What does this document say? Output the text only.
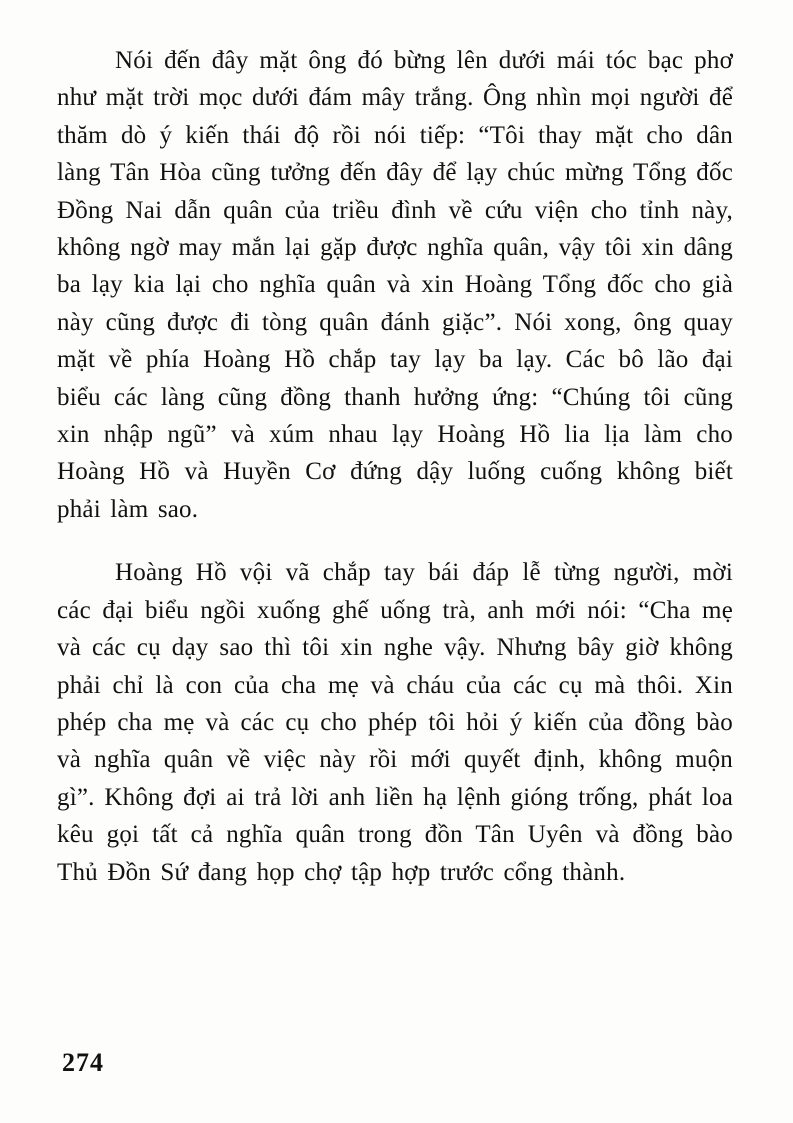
Nói đến đây mặt ông đó bừng lên dưới mái tóc bạc phơ như mặt trời mọc dưới đám mây trắng. Ông nhìn mọi người để thăm dò ý kiến thái độ rồi nói tiếp: “Tôi thay mặt cho dân làng Tân Hòa cũng tưởng đến đây để lạy chúc mừng Tổng đốc Đồng Nai dẫn quân của triều đình về cứu viện cho tỉnh này, không ngờ may mắn lại gặp được nghĩa quân, vậy tôi xin dâng ba lạy kia lại cho nghĩa quân và xin Hoàng Tổng đốc cho già này cũng được đi tòng quân đánh giặc”. Nói xong, ông quay mặt về phía Hoàng Hồ chắp tay lạy ba lạy. Các bô lão đại biểu các làng cũng đồng thanh hưởng ứng: “Chúng tôi cũng xin nhập ngũ” và xúm nhau lạy Hoàng Hồ lia lịa làm cho Hoàng Hồ và Huyền Cơ đứng dậy luống cuống không biết phải làm sao.

Hoàng Hồ vội vã chắp tay bái đáp lễ từng người, mời các đại biểu ngồi xuống ghế uống trà, anh mới nói: “Cha mẹ và các cụ dạy sao thì tôi xin nghe vậy. Nhưng bây giờ không phải chỉ là con của cha mẹ và cháu của các cụ mà thôi. Xin phép cha mẹ và các cụ cho phép tôi hỏi ý kiến của đồng bào và nghĩa quân về việc này rồi mới quyết định, không muộn gì”. Không đợi ai trả lời anh liền hạ lệnh gióng trống, phát loa kêu gọi tất cả nghĩa quân trong đồn Tân Uyên và đồng bào Thủ Đồn Sứ đang họp chợ tập hợp trước cổng thành.

274
